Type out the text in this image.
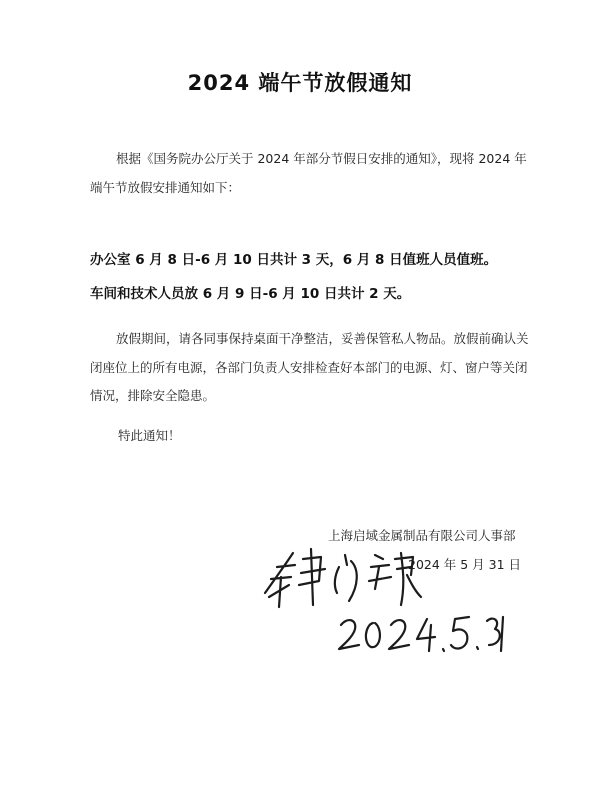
2024 端午节放假通知
根据《国务院办公厅关于 2024 年部分节假日安排的通知》，现将 2024 年端午节放假安排通知如下：
办公室 6 月 8 日-6 月 10 日共计 3 天，6 月 8 日值班人员值班。
车间和技术人员放 6 月 9 日-6 月 10 日共计 2 天。
放假期间，请各同事保持桌面干净整洁，妥善保管私人物品。放假前确认关闭座位上的所有电源，各部门负责人安排检查好本部门的电源、灯、窗户等关闭情况，排除安全隐患。
特此通知！
上海启域金属制品有限公司人事部
2024 年 5 月 31 日
